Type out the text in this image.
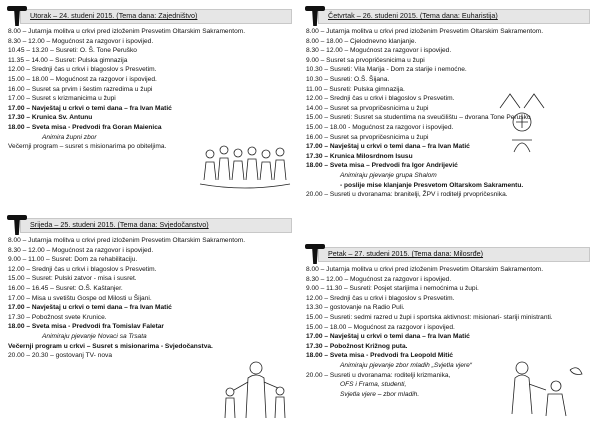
Utorak – 24. studeni 2015. (Tema dana: Zajedništvo)
8.00 – Jutarnja molitva u crkvi pred izloženim Presvetim Oltarskim Sakramentom.
8.30 – 12.00 – Mogućnost za razgovor i ispovijed.
10.45 – 13.20 – Susreti: O. Š. Tone Peruško
11.35 – 14.00 – Susret: Pulska gimnazija
12.00 – Srednji čas u crkvi i blagoslov s Presvetim.
15.00 – 18.00 – Mogućnost za razgovor i ispovijed.
16.00 – Susret sa prvim i šestim razredima u župi
17.00 – Susret s krizmanicima u župi
17.00 – Navještaj u crkvi o temi dana – fra Ivan Matić
17.30 – Krunica Sv. Antunu
18.00 – Sveta misa - Predvodi fra Goran Maienica
Animira župni zbor
Večernji program – susret s misionarima po obiteljima.
Srijeda – 25. studeni 2015. (Tema dana: Svjedočanstvo)
8.00 – Jutarnja molitva u crkvi pred izloženim Presvetim Oltarskim Sakramentom.
8.30 – 12.00 – Mogućnost za razgovor i ispovijed.
9.00 – 11.00 – Susret: Dom za rehabilitaciju.
12.00 – Srednji čas u crkvi i blagoslov s Presvetim.
15.00 – Susret: Pulski zatvor - misa i susret.
16.00 – 16.45 – Susret: O.Š. Kaštanjer.
17.00 – Misa u svetištu Gospe od Milosti u Šijani.
17.00 – Navještaj u crkvi o temi dana – fra Ivan Matić
17.30 – Pobožnost svete Krunice.
18.00 – Sveta misa - Predvodi fra Tomislav Faletar
Animiraju pjevanje Novaci sa Trsata
Večernji program u crkvi – Susret s misionarima - Svjedočanstva.
20.00 – 20.30 – gostovanj TV- nova
Četvrtak – 26. studeni 2015. (Tema dana: Euharistija)
8.00 – Jutarnja molitva u crkvi pred izloženim Presvetim Oltarskim Sakramentom.
8.00 – 18.00 – Cjelodnevno klanjanje.
8.30 – 12.00 – Mogućnost za razgovor i ispovijed.
9.00 – Susret sa prvopričesnicima u župi
10.30 – Susreti: Vila Marija - Dom za starije i nemoćne.
10.30 – Susreti: O.Š. Šijana.
11.00 – Susreti: Pulska gimnazija.
12.00 – Srednji čas u crkvi i blagoslov s Presvetim.
14.00 – Susret sa prvopričesnicima u župi
15.00 – Susreti: Susret sa studentima na sveučilištu – dvorana Tone Peruško
15.00 – 18.00 - Mogućnost za razgovor i ispovijed.
16.00 – Susret sa prvopričesnicima u župi
17.00 – Navještaj u crkvi o temi dana – fra Ivan Matić
17.30 – Krunica Milosrdnom Isusu
18.00 – Sveta misa – Predvodi fra Igor Andrijević
Animiraju pjevanje grupa Shalom
- poslije mise klanjanje Presvetom Oltarskom Sakramentu.
20.00 – Susreti u dvoranama: branitelji, ŽPV i roditelji prvopričesnika.
Petak – 27. studeni 2015. (Tema dana: Milosrđe)
8.00 – Jutarnja molitva u crkvi pred izloženim Presvetim Oltarskim Sakramentom.
8.30 – 12.00 – Mogućnost za razgovor i ispovijed.
9.00 – 11.30 – Susreti: Posjet starijima i nemoćnima u župi.
12.00 – Srednji čas u crkvi i blagoslov s Presvetim.
13.30 – gostovanje na Radio Puli.
15.00 – Susreti: sedmi razred u župi i sportska aktivnost: misionari- stariji ministranti.
15.00 – 18.00 – Mogućnost za razgovor i ispovijed.
17.00 – Navještaj u crkvi o temi dana – fra Ivan Matić
17.30 – Pobožnost Križnog puta.
18.00 – Sveta misa - Predvodi fra Leopold Mitić
Animiraju pjevanje zbor mladih „Svjetla vjere“
20.00 – Susreti u dvoranama: roditelji krizmanika,
OFS i Frama, studenti,
Svjetla vjere – zbor mladih.
